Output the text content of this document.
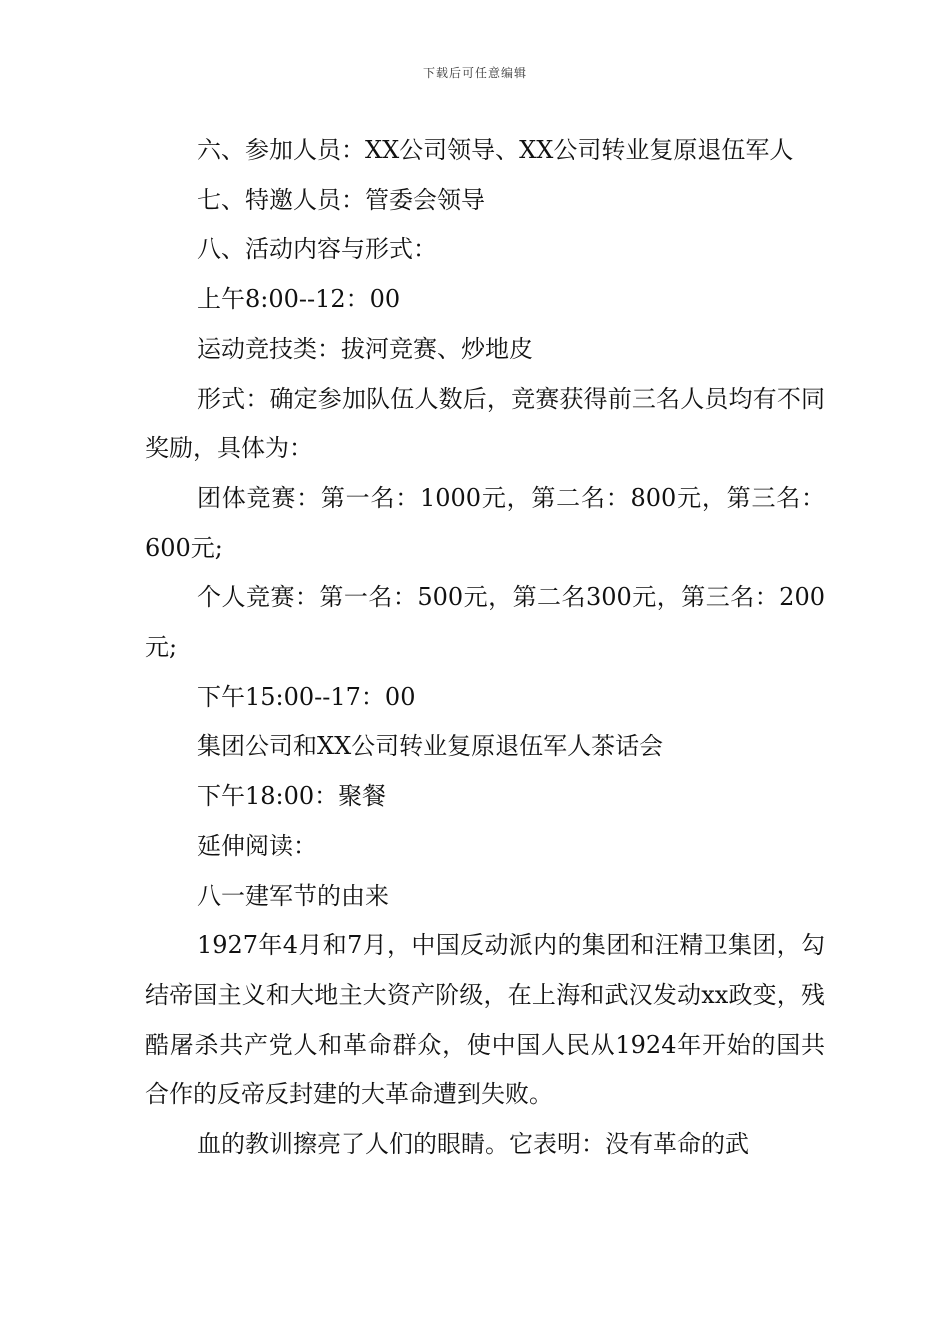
下载后可任意编辑

六、参加人员：XX公司领导、XX公司转业复原退伍军人

七、特邀人员：管委会领导

八、活动内容与形式：

上午8:00--12：00

运动竞技类：拔河竞赛、炒地皮

形式：确定参加队伍人数后，竞赛获得前三名人员均有不同奖励，具体为：

团体竞赛：第一名：1000元，第二名：800元，第三名：600元;

个人竞赛：第一名：500元，第二名300元，第三名：200元;

下午15:00--17：00

集团公司和XX公司转业复原退伍军人茶话会

下午18:00：聚餐

延伸阅读：

八一建军节的由来

1927年4月和7月，中国反动派内的集团和汪精卫集团，勾结帝国主义和大地主大资产阶级，在上海和武汉发动xx政变，残酷屠杀共产党人和革命群众，使中国人民从1924年开始的国共合作的反帝反封建的大革命遭到失败。

血的教训擦亮了人们的眼睛。它表明：没有革命的武
